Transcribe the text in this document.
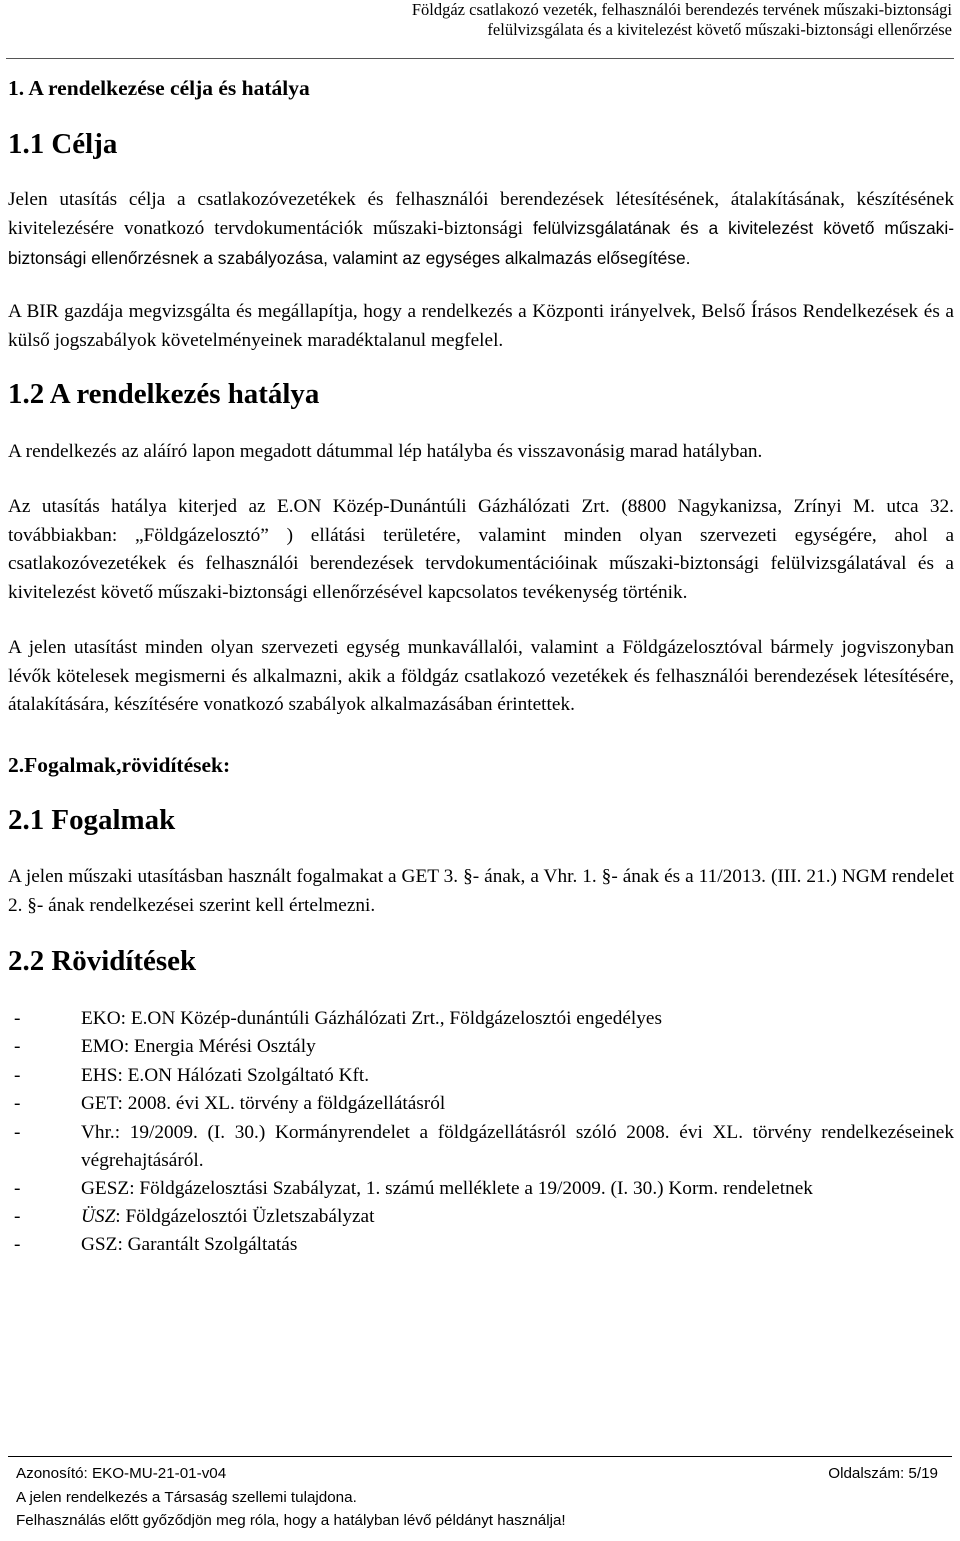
Földgáz csatlakozó vezeték, felhasználói berendezés tervének műszaki-biztonsági
felülvizsgálata és a kivitelezést követő műszaki-biztonsági ellenőrzése
1. A rendelkezése célja és hatálya
1.1 Célja

Jelen utasítás célja a csatlakozóvezetékek és felhasználói berendezések létesítésének, átalakításának, készítésének kivitelezésére vonatkozó tervdokumentációk műszaki-biztonsági felülvizsgálatának és a kivitelezést követő műszaki-biztonsági ellenőrzésnek a szabályozása, valamint az egységes alkalmazás elősegítése.

A BIR gazdája megvizsgálta és megállapítja, hogy a rendelkezés a Központi irányelvek, Belső Írásos Rendelkezések és a külső jogszabályok követelményeinek maradéktalanul megfelel.

1.2 A rendelkezés hatálya

A rendelkezés az aláíró lapon megadott dátummal lép hatályba és visszavonásig marad hatályban.

Az utasítás hatálya kiterjed az E.ON Közép-Dunántúli Gázhálózati Zrt. (8800 Nagykanizsa, Zrínyi M. utca 32. továbbiakban: „Földgázelosztó” ) ellátási területére, valamint minden olyan szervezeti egységére, ahol a csatlakozóvezetékek és felhasználói berendezések tervdokumentációinak műszaki-biztonsági felülvizsgálatával és a kivitelezést követő műszaki-biztonsági ellenőrzésével kapcsolatos tevékenység történik.

A jelen utasítást minden olyan szervezeti egység munkavállalói, valamint a Földgázelosztóval bármely jogviszonyban lévők kötelesek megismerni és alkalmazni, akik a földgáz csatlakozó vezetékek és felhasználói berendezések létesítésére, átalakítására, készítésére vonatkozó szabályok alkalmazásában érintettek.

2.Fogalmak,rövidítések:
2.1 Fogalmak

A jelen műszaki utasításban használt fogalmakat a GET 3. §- ának, a Vhr. 1. §- ának és a 11/2013. (III. 21.) NGM rendelet 2. §- ának rendelkezései szerint kell értelmezni.

2.2 Rövidítések
-	EKO: E.ON Közép-dunántúli Gázhálózati Zrt., Földgázelosztói engedélyes
-	EMO: Energia Mérési Osztály
-	EHS: E.ON Hálózati Szolgáltató Kft.
-	GET: 2008. évi XL. törvény a földgázellátásról
-	Vhr.: 19/2009. (I. 30.) Kormányrendelet a földgázellátásról szóló 2008. évi XL. törvény rendelkezéseinek végrehajtásáról.
-	GESZ: Földgázelosztási Szabályzat, 1. számú melléklete a 19/2009. (I. 30.) Korm. rendeletnek
-	ÜSZ: Földgázelosztói Üzletszabályzat
-	GSZ: Garantált Szolgáltatás
Azonosító: EKO-MU-21-01-v04	Oldalszám: 5/19
A jelen rendelkezés a Társaság szellemi tulajdona.
Felhasználás előtt győződjön meg róla, hogy a hatályban lévő példányt használja!
